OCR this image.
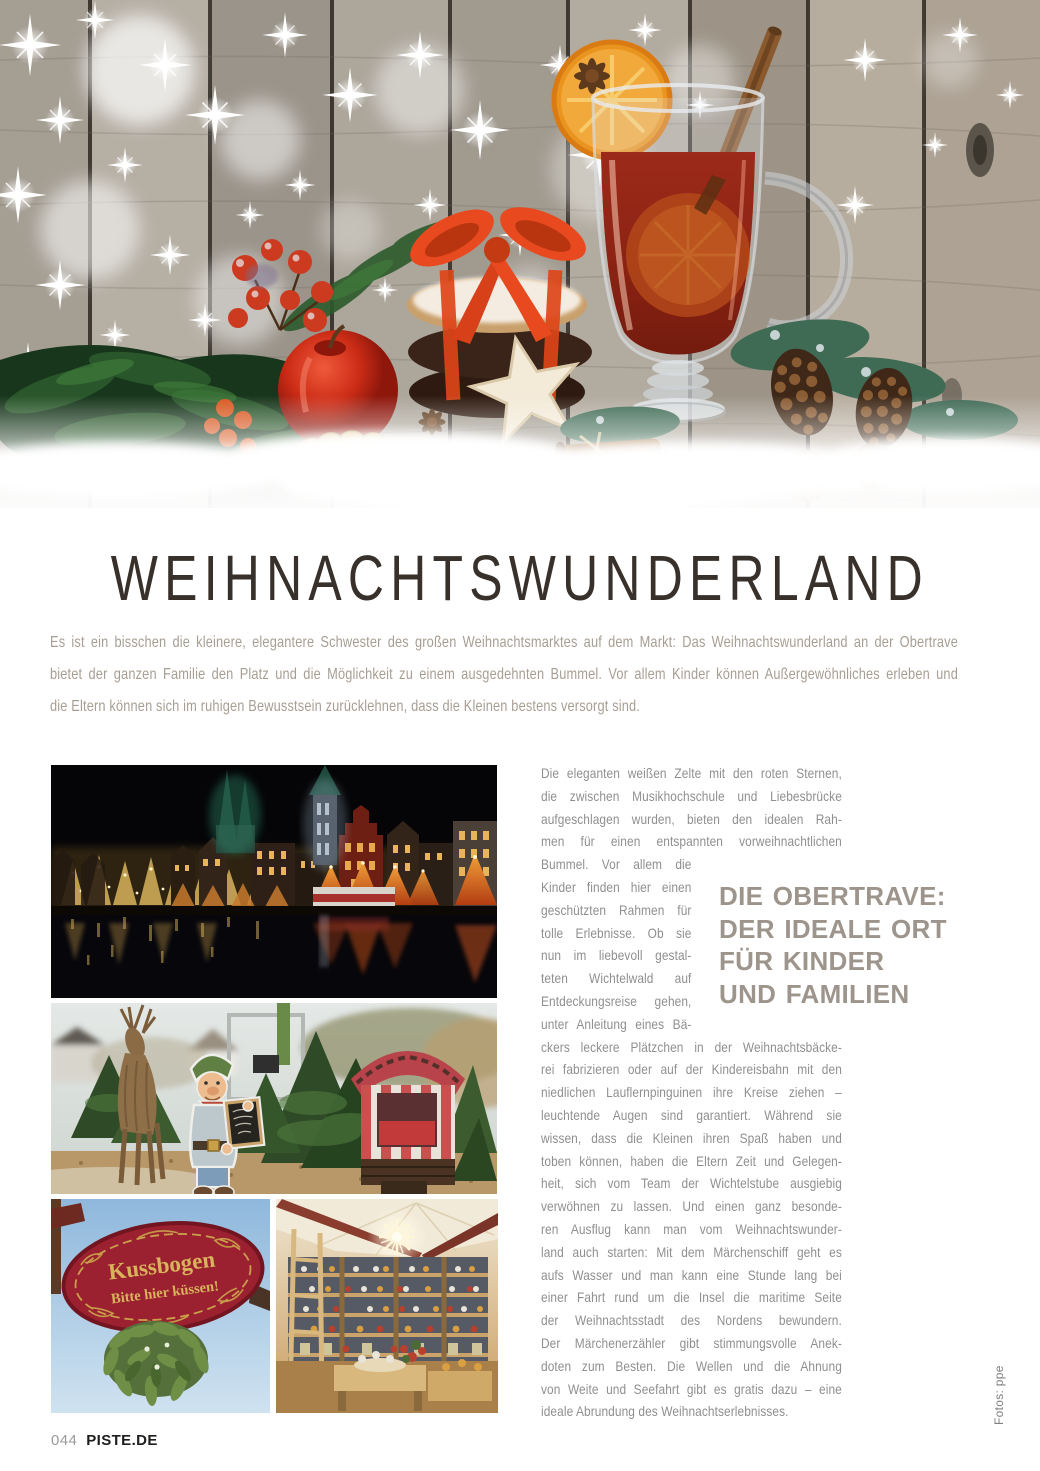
WEIHNACHTSWUNDERLAND
Es ist ein bisschen die kleinere, elegantere Schwester des großen Weihnachtsmarktes auf dem Markt: Das Weihnachtswunderland an der Obertrave
bietet der ganzen Familie den Platz und die Möglichkeit zu einem ausgedehnten Bummel. Vor allem Kinder können Außergewöhnliches erleben und
die Eltern können sich im ruhigen Bewusstsein zurücklehnen, dass die Kleinen bestens versorgt sind.
Kussbogen
Bitte hier küssen!
Die eleganten weißen Zelte mit den roten Sternen,
die zwischen Musikhochschule und Liebesbrücke
aufgeschlagen wurden, bieten den idealen Rah-
men für einen entspannten vorweihnachtlichen
Bummel. Vor allem die
Kinder finden hier einen
geschützten Rahmen für
tolle Erlebnisse. Ob sie
nun im liebevoll gestal-
teten Wichtelwald auf
Entdeckungsreise gehen,
unter Anleitung eines Bä-
ckers leckere Plätzchen in der Weihnachtsbäcke-
rei fabrizieren oder auf der Kindereisbahn mit den
niedlichen Lauflernpinguinen ihre Kreise ziehen –
leuchtende Augen sind garantiert. Während sie
wissen, dass die Kleinen ihren Spaß haben und
toben können, haben die Eltern Zeit und Gelegen-
heit, sich vom Team der Wichtelstube ausgiebig
verwöhnen zu lassen. Und einen ganz besonde-
ren Ausflug kann man vom Weihnachtswunder-
land auch starten: Mit dem Märchenschiff geht es
aufs Wasser und man kann eine Stunde lang bei
einer Fahrt rund um die Insel die maritime Seite
der Weihnachtsstadt des Nordens bewundern.
Der Märchenerzähler gibt stimmungsvolle Anek-
doten zum Besten. Die Wellen und die Ahnung
von Weite und Seefahrt gibt es gratis dazu – eine
ideale Abrundung des Weihnachtserlebnisses.
DIE OBERTRAVE:
DER IDEALE ORT
FÜR KINDER
UND FAMILIEN
044 PISTE.DE
Fotos: ppe
